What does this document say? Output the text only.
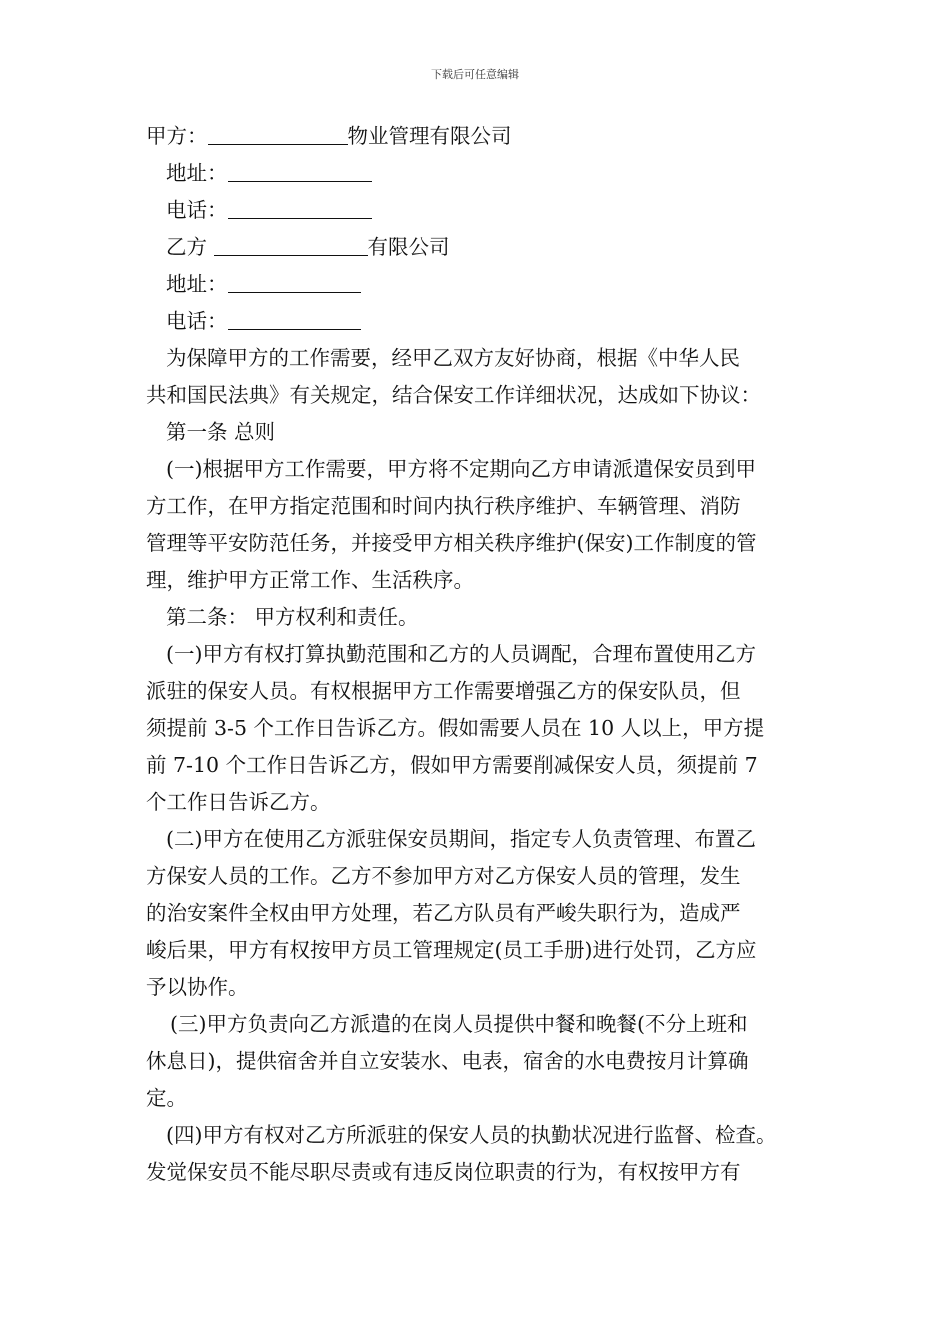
下载后可任意编辑
甲方：	物业管理有限公司
地址：
电话：
乙方	有限公司
地址：
电话：
为保障甲方的工作需要，经甲乙双方友好协商，根据《中华人民
共和国民法典》有关规定，结合保安工作详细状况，达成如下协议：
第一条 总则
(一)根据甲方工作需要，甲方将不定期向乙方申请派遣保安员到甲
方工作，在甲方指定范围和时间内执行秩序维护、车辆管理、消防
管理等平安防范任务，并接受甲方相关秩序维护(保安)工作制度的管
理，维护甲方正常工作、生活秩序。
第二条： 甲方权利和责任。
(一)甲方有权打算执勤范围和乙方的人员调配，合理布置使用乙方
派驻的保安人员。有权根据甲方工作需要增强乙方的保安队员，但
须提前 3-5 个工作日告诉乙方。假如需要人员在 10 人以上，甲方提
前 7-10 个工作日告诉乙方，假如甲方需要削减保安人员，须提前 7
个工作日告诉乙方。
(二)甲方在使用乙方派驻保安员期间，指定专人负责管理、布置乙
方保安人员的工作。乙方不参加甲方对乙方保安人员的管理，发生
的治安案件全权由甲方处理，若乙方队员有严峻失职行为，造成严
峻后果，甲方有权按甲方员工管理规定(员工手册)进行处罚，乙方应
予以协作。
(三)甲方负责向乙方派遣的在岗人员提供中餐和晚餐(不分上班和
休息日)，提供宿舍并自立安装水、电表，宿舍的水电费按月计算确
定。
(四)甲方有权对乙方所派驻的保安人员的执勤状况进行监督、检查。
发觉保安员不能尽职尽责或有违反岗位职责的行为，有权按甲方有
